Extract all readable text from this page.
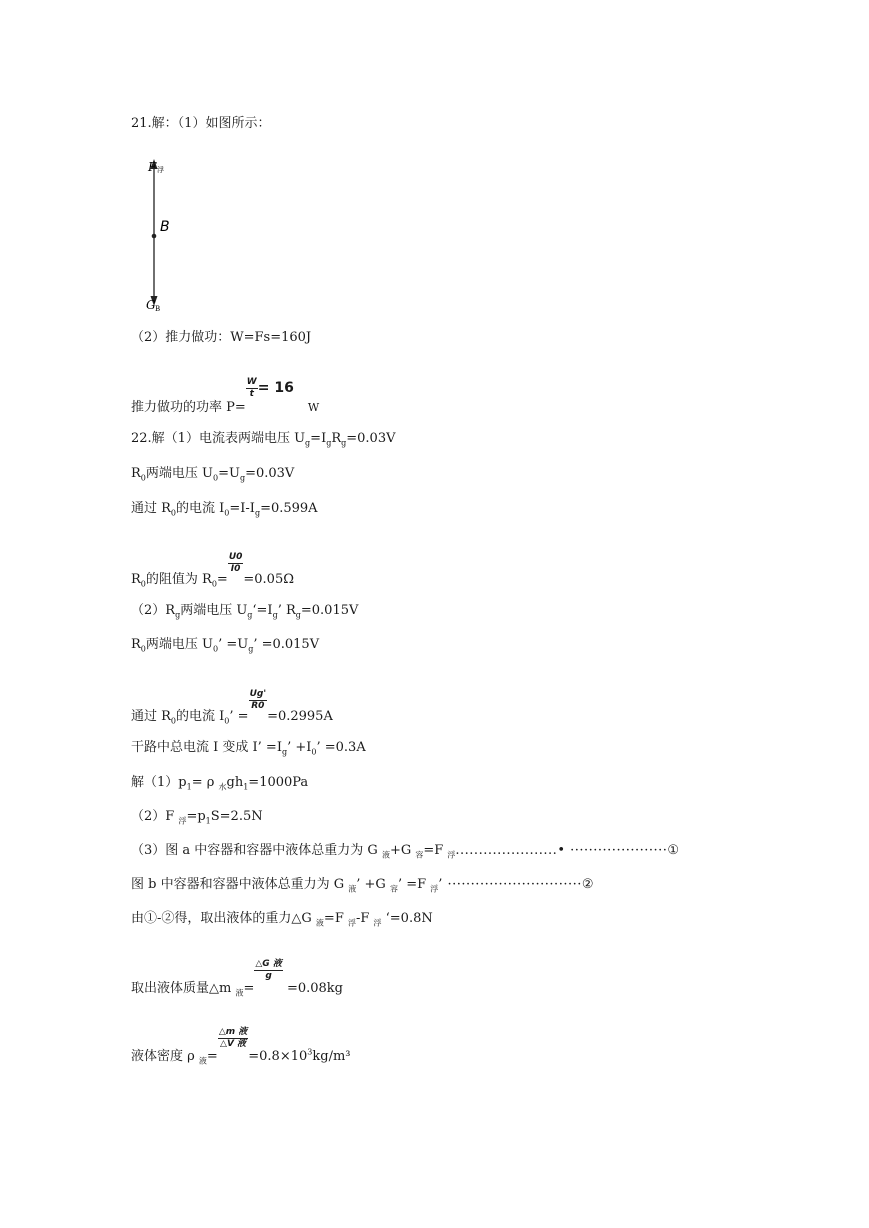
21.解：（1）如图所示：
F 浮
B
G B
（2）推力做功：W=Fs=160J
推力做功的功率 P=
$\frac{W}{t} = 16W$
22.解（1）电流表两端电压 $U_g=I_gR_g=0.03V$
$R_0$两端电压 $U_0=U_g=0.03V$
通过 $R_0$的电流 $I_0=I-I_g=0.599A$
$R_0$的阻值为 $R_0=$
$\frac{U0}{I0}$
=0.05Ω
$(2)R_g$两端电压 $U_g‘=I_g$’ $R_g=0.015V$
$R_0$两端电压 $U_0$’ $=U_g$’ =0.015V
通过 $R_0$的电流 $I_0$’ =
$\frac{Ug'}{R0}$
=0.2995A
干路中总电流 I 变成 I’ $=I_g$’ $+I_0$’ =0.3A
解$(1)p_1= \rho$ $_水gh_1=1000Pa$
（2）F $_浮=p_1S=2.5N$
（3）图 a 中容器和容器中液体总重力为 G $_液$+G $_容$=F $_浮$......................• ·····················①
图 b 中容器和容器中液体总重力为 G $_液$’ +G $_容$’ =F $_浮$’ ·····························②
由①-②得，取出液体的重力△G $_液$=F $_浮$-F $_浮$ ‘=0.8N
取出液体质量△m $_液$=
$\frac{\text{△G 液}}{g}$
=0.08kg
液体密度 ρ $_液$=
$\frac{\text{△m 液}}{\text{△V 液}}$
$=0.8\times 10^3kg/m^3$
